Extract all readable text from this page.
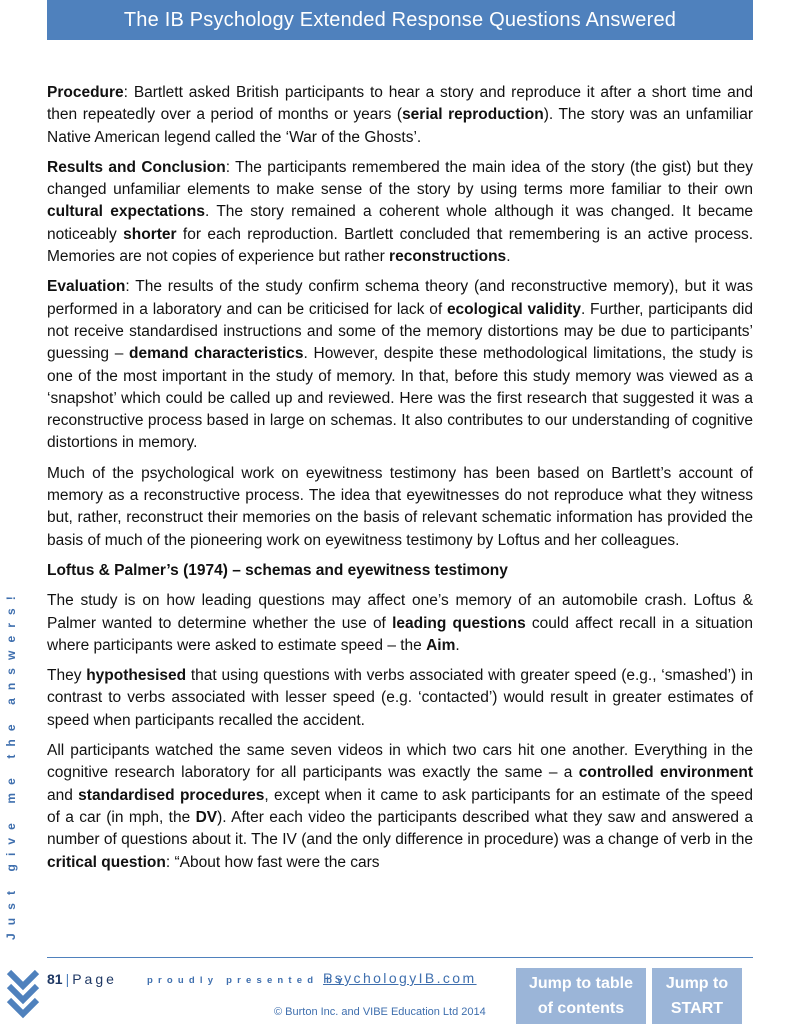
The IB Psychology Extended Response Questions Answered
Just give me the answers!

Procedure: Bartlett asked British participants to hear a story and reproduce it after a short time and then repeatedly over a period of months or years (serial reproduction). The story was an unfamiliar Native American legend called the ‘War of the Ghosts’.

Results and Conclusion: The participants remembered the main idea of the story (the gist) but they changed unfamiliar elements to make sense of the story by using terms more familiar to their own cultural expectations. The story remained a coherent whole although it was changed. It became noticeably shorter for each reproduction. Bartlett concluded that remembering is an active process. Memories are not copies of experience but rather reconstructions.

Evaluation: The results of the study confirm schema theory (and reconstructive memory), but it was performed in a laboratory and can be criticised for lack of ecological validity. Further, participants did not receive standardised instructions and some of the memory distortions may be due to participants’ guessing – demand characteristics. However, despite these methodological limitations, the study is one of the most important in the study of memory. In that, before this study memory was viewed as a ‘snapshot’ which could be called up and reviewed. Here was the first research that suggested it was a reconstructive process based in large on schemas. It also contributes to our understanding of cognitive distortions in memory.

Much of the psychological work on eyewitness testimony has been based on Bartlett’s account of memory as a reconstructive process. The idea that eyewitnesses do not reproduce what they witness but, rather, reconstruct their memories on the basis of relevant schematic information has provided the basis of much of the pioneering work on eyewitness testimony by Loftus and her colleagues.

Loftus & Palmer’s (1974) – schemas and eyewitness testimony

The study is on how leading questions may affect one’s memory of an automobile crash. Loftus & Palmer wanted to determine whether the use of leading questions could affect recall in a situation where participants were asked to estimate speed – the Aim.

They hypothesised that using questions with verbs associated with greater speed (e.g., ‘smashed’) in contrast to verbs associated with lesser speed (e.g. ‘contacted’) would result in greater estimates of speed when participants recalled the accident.

All participants watched the same seven videos in which two cars hit one another. Everything in the cognitive research laboratory for all participants was exactly the same – a controlled environment and standardised procedures, except when it came to ask participants for an estimate of the speed of a car (in mph, the DV). After each video the participants described what they saw and answered a number of questions about it. The IV (and the only difference in procedure) was a change of verb in the critical question: “About how fast were the cars

81 | Page	proudly presented by
PsychologyIB.com
© Burton Inc. and VIBE Education Ltd 2014
Jump to table
of contents
Jump to
START
